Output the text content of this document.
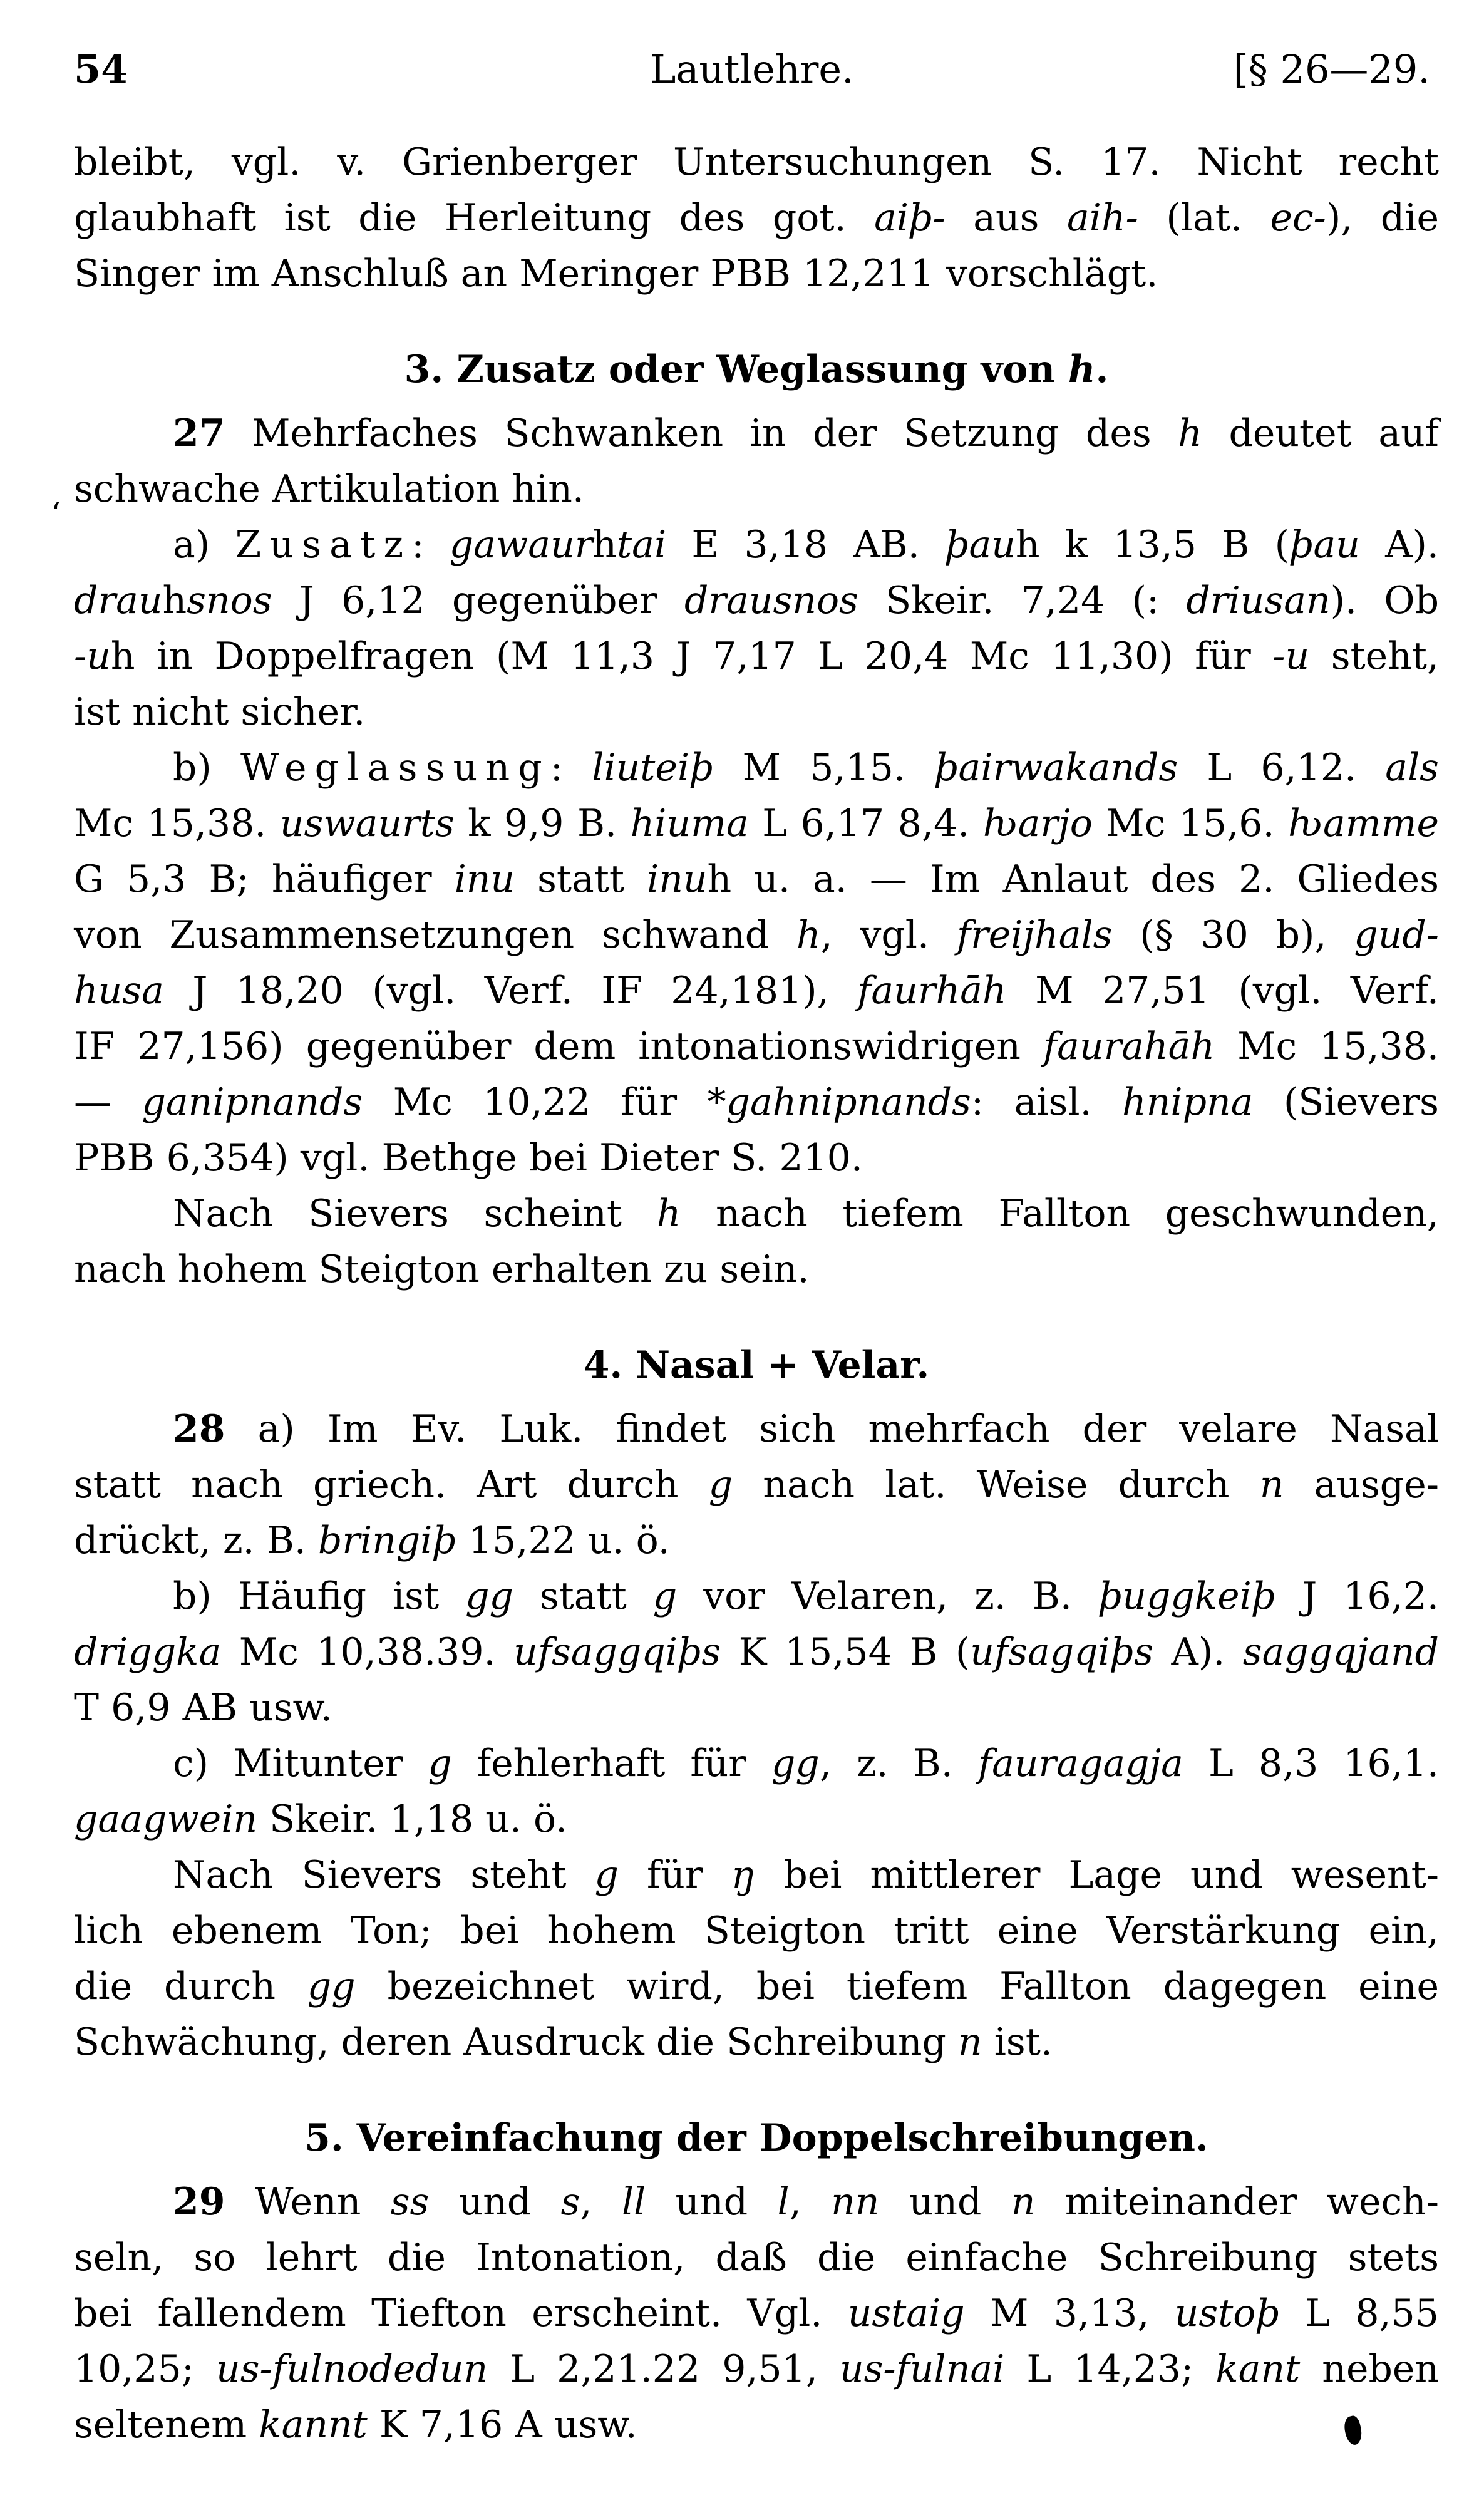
54	Lautlehre.	[§ 26—29.
bleibt, vgl. v. Grienberger Untersuchungen S. 17. Nicht recht
glaubhaft ist die Herleitung des got. aiþ- aus aih- (lat. ec-), die
Singer im Anschluß an Meringer PBB 12,211 vorschlägt.
3. Zusatz oder Weglassung von h.
27 Mehrfaches Schwanken in der Setzung des h deutet auf
schwache Artikulation hin.
a) Zusatz: gawaurhtai E 3,18 AB. þauh k 13,5 B (þau A).
drauhsnos J 6,12 gegenüber drausnos Skeir. 7,24 (: driusan). Ob
-uh in Doppelfragen (M 11,3 J 7,17 L 20,4 Mc 11,30) für -u steht,
ist nicht sicher.
b) Weglassung: liuteiþ M 5,15. þairwakands L 6,12. als
Mc 15,38. uswaurts k 9,9 B. hiuma L 6,17 8,4. ƕarjo Mc 15,6. ƕamme
G 5,3 B; häufiger inu statt inuh u. a. — Im Anlaut des 2. Gliedes
von Zusammensetzungen schwand h, vgl. freijhals (§ 30 b), gud-
husa J 18,20 (vgl. Verf. IF 24,181), faurhāh M 27,51 (vgl. Verf.
IF 27,156) gegenüber dem intonationswidrigen faurahāh Mc 15,38.
— ganipnands Mc 10,22 für *gahnipnands: aisl. hnipna (Sievers
PBB 6,354) vgl. Bethge bei Dieter S. 210.
Nach Sievers scheint h nach tiefem Fallton geschwunden,
nach hohem Steigton erhalten zu sein.
4. Nasal + Velar.
28 a) Im Ev. Luk. findet sich mehrfach der velare Nasal
statt nach griech. Art durch g nach lat. Weise durch n ausge-
drückt, z. B. bringiþ 15,22 u. ö.
b) Häufig ist gg statt g vor Velaren, z. B. þuggkeiþ J 16,2.
driggka Mc 10,38.39. ufsaggqiþs K 15,54 B (ufsagqiþs A). saggqjand
T 6,9 AB usw.
c) Mitunter g fehlerhaft für gg, z. B. fauragagja L 8,3 16,1.
gaagwein Skeir. 1,18 u. ö.
Nach Sievers steht g für ŋ bei mittlerer Lage und wesent-
lich ebenem Ton; bei hohem Steigton tritt eine Verstärkung ein,
die durch gg bezeichnet wird, bei tiefem Fallton dagegen eine
Schwächung, deren Ausdruck die Schreibung n ist.
5. Vereinfachung der Doppelschreibungen.
29 Wenn ss und s, ll und l, nn und n miteinander wech-
seln, so lehrt die Intonation, daß die einfache Schreibung stets
bei fallendem Tiefton erscheint. Vgl. ustaig M 3,13, ustoþ L 8,55
10,25; us-fulnodedun L 2,21.22 9,51, us-fulnai L 14,23; kant neben
seltenem kannt K 7,16 A usw.
ʻ
